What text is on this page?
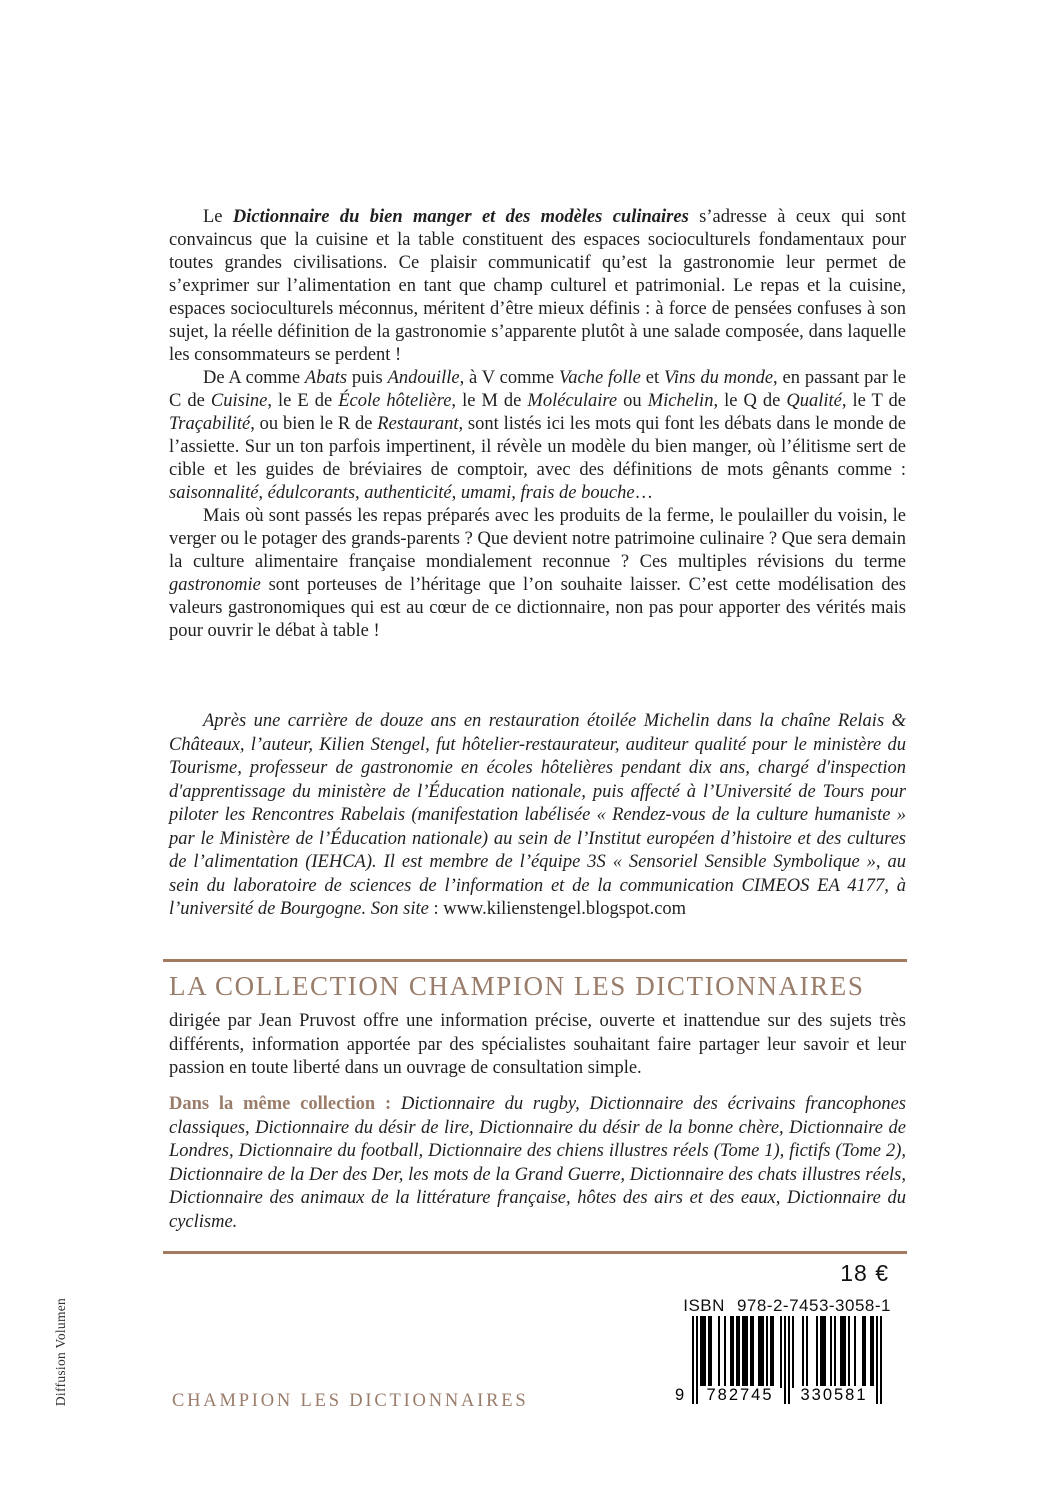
Le Dictionnaire du bien manger et des modèles culinaires s’adresse à ceux qui sont convaincus que la cuisine et la table constituent des espaces socioculturels fondamentaux pour toutes grandes civilisations. Ce plaisir communicatif qu’est la gastronomie leur permet de s’exprimer sur l’alimentation en tant que champ culturel et patrimonial. Le repas et la cuisine, espaces socioculturels méconnus, méritent d’être mieux définis : à force de pensées confuses à son sujet, la réelle définition de la gastronomie s’apparente plutôt à une salade composée, dans laquelle les consommateurs se perdent !

De A comme Abats puis Andouille, à V comme Vache folle et Vins du monde, en passant par le C de Cuisine, le E de École hôtelière, le M de Moléculaire ou Michelin, le Q de Qualité, le T de Traçabilité, ou bien le R de Restaurant, sont listés ici les mots qui font les débats dans le monde de l’assiette. Sur un ton parfois impertinent, il révèle un modèle du bien manger, où l’élitisme sert de cible et les guides de bréviaires de comptoir, avec des définitions de mots gênants comme : saisonnalité, édulcorants, authenticité, umami, frais de bouche…

Mais où sont passés les repas préparés avec les produits de la ferme, le poulailler du voisin, le verger ou le potager des grands-parents ? Que devient notre patrimoine culinaire ? Que sera demain la culture alimentaire française mondialement reconnue ? Ces multiples révisions du terme gastronomie sont porteuses de l’héritage que l’on souhaite laisser. C’est cette modélisation des valeurs gastronomiques qui est au cœur de ce dictionnaire, non pas pour apporter des vérités mais pour ouvrir le débat à table !

Après une carrière de douze ans en restauration étoilée Michelin dans la chaîne Relais & Châteaux, l’auteur, Kilien Stengel, fut hôtelier-restaurateur, auditeur qualité pour le ministère du Tourisme, professeur de gastronomie en écoles hôtelières pendant dix ans, chargé d'inspection d'apprentissage du ministère de l’Éducation nationale, puis affecté à l’Université de Tours pour piloter les Rencontres Rabelais (manifestation labélisée « Rendez-vous de la culture humaniste » par le Ministère de l’Éducation nationale) au sein de l’Institut européen d’histoire et des cultures de l’alimentation (IEHCA). Il est membre de l’équipe 3S « Sensoriel Sensible Symbolique », au sein du laboratoire de sciences de l’information et de la communication CIMEOS EA 4177, à l’université de Bourgogne. Son site : www.kilienstengel.blogspot.com

LA COLLECTION CHAMPION LES DICTIONNAIRES

dirigée par Jean Pruvost offre une information précise, ouverte et inattendue sur des sujets très différents, information apportée par des spécialistes souhaitant faire partager leur savoir et leur passion en toute liberté dans un ouvrage de consultation simple.

Dans la même collection : Dictionnaire du rugby, Dictionnaire des écrivains francophones classiques, Dictionnaire du désir de lire, Dictionnaire du désir de la bonne chère, Dictionnaire de Londres, Dictionnaire du football, Dictionnaire des chiens illustres réels (Tome 1), fictifs (Tome 2), Dictionnaire de la Der des Der, les mots de la Grand Guerre, Dictionnaire des chats illustres réels, Dictionnaire des animaux de la littérature française, hôtes des airs et des eaux, Dictionnaire du cyclisme.

18 €
ISBN 978-2-7453-3058-1
9	782745	330581
CHAMPION LES DICTIONNAIRES
Diffusion Volumen
